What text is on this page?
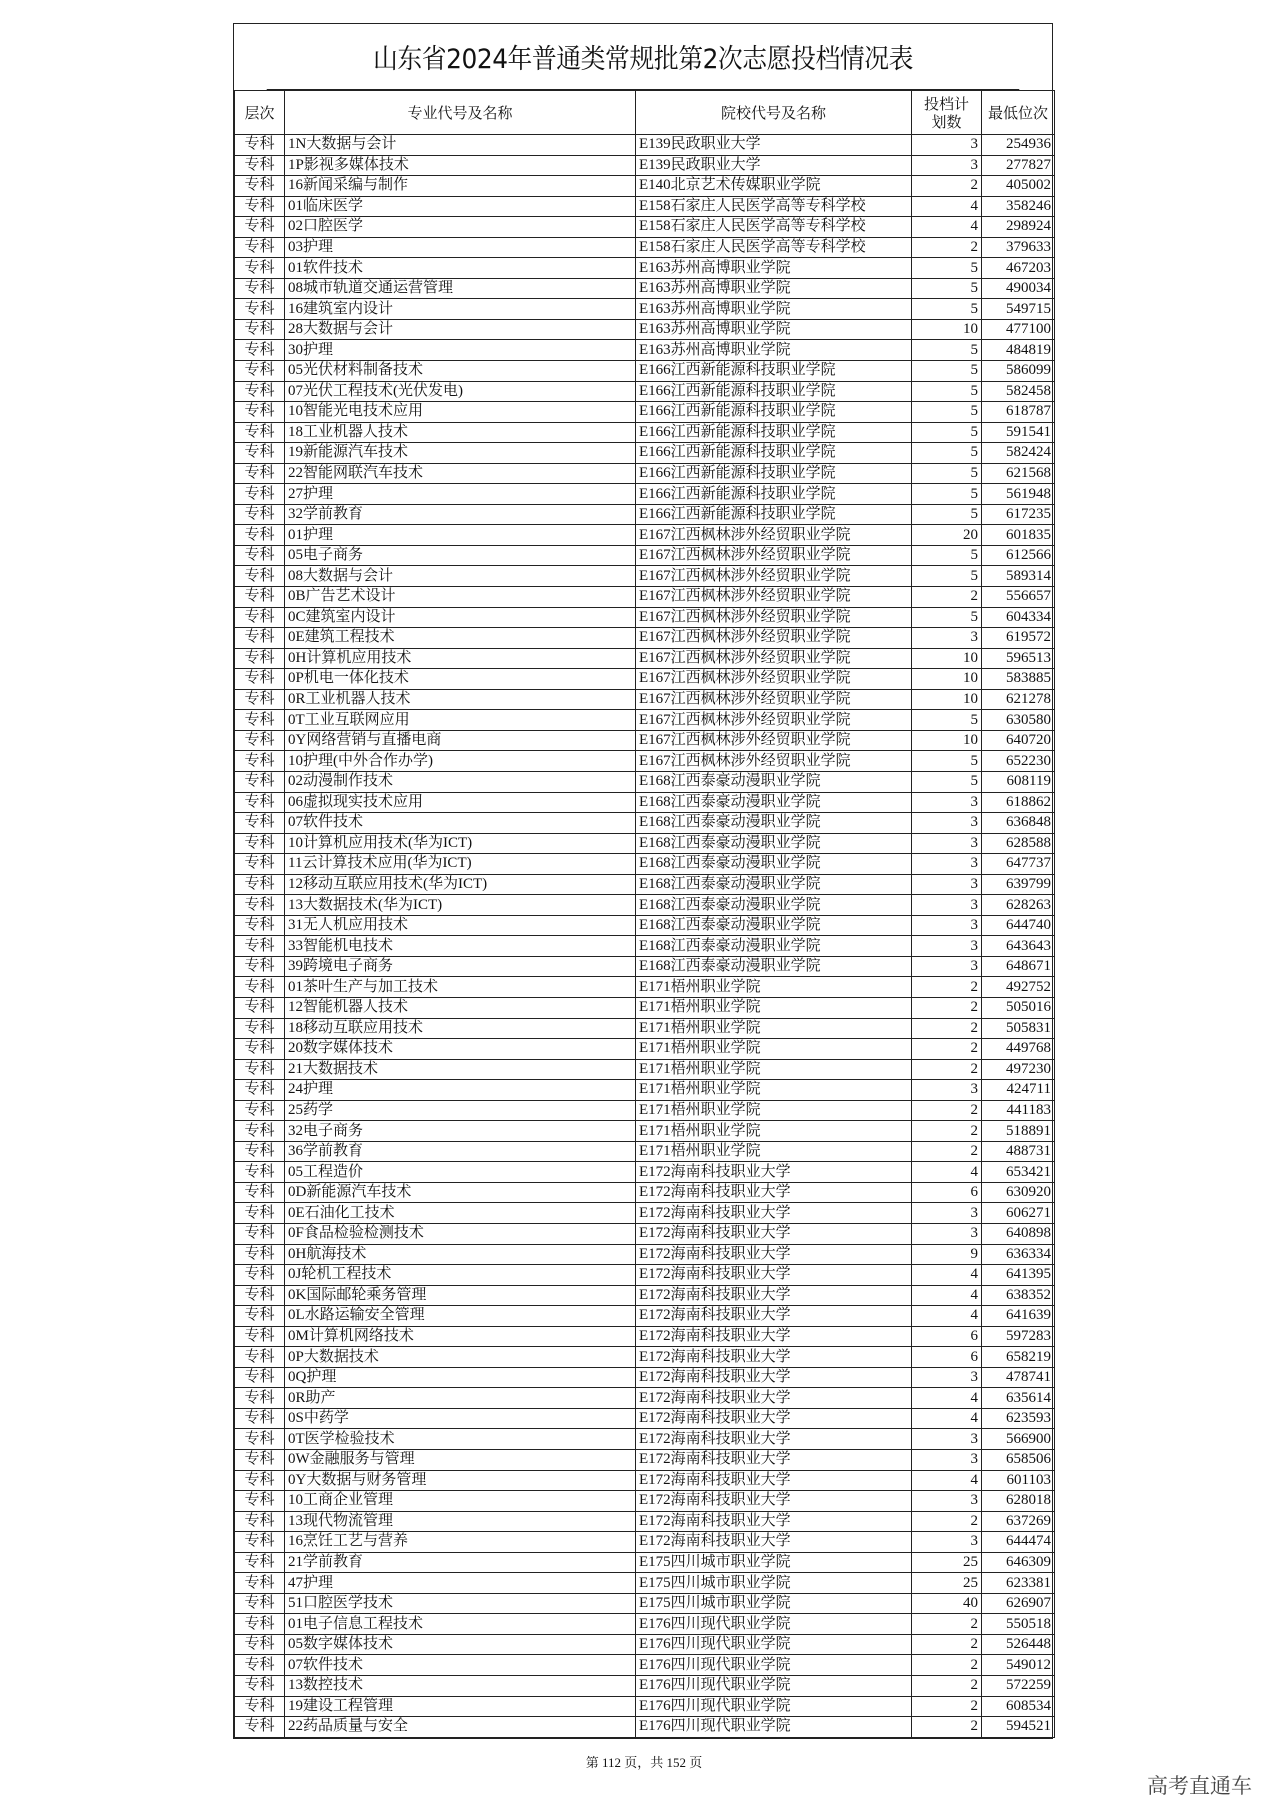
山东省2024年普通类常规批第2次志愿投档情况表
层次	专业代号及名称	院校代号及名称	投档计划数	最低位次
专科	1N大数据与会计	E139民政职业大学	3	254936
专科	1P影视多媒体技术	E139民政职业大学	3	277827
专科	16新闻采编与制作	E140北京艺术传媒职业学院	2	405002
专科	01临床医学	E158石家庄人民医学高等专科学校	4	358246
专科	02口腔医学	E158石家庄人民医学高等专科学校	4	298924
专科	03护理	E158石家庄人民医学高等专科学校	2	379633
专科	01软件技术	E163苏州高博职业学院	5	467203
专科	08城市轨道交通运营管理	E163苏州高博职业学院	5	490034
专科	16建筑室内设计	E163苏州高博职业学院	5	549715
专科	28大数据与会计	E163苏州高博职业学院	10	477100
专科	30护理	E163苏州高博职业学院	5	484819
专科	05光伏材料制备技术	E166江西新能源科技职业学院	5	586099
专科	07光伏工程技术(光伏发电)	E166江西新能源科技职业学院	5	582458
专科	10智能光电技术应用	E166江西新能源科技职业学院	5	618787
专科	18工业机器人技术	E166江西新能源科技职业学院	5	591541
专科	19新能源汽车技术	E166江西新能源科技职业学院	5	582424
专科	22智能网联汽车技术	E166江西新能源科技职业学院	5	621568
专科	27护理	E166江西新能源科技职业学院	5	561948
专科	32学前教育	E166江西新能源科技职业学院	5	617235
专科	01护理	E167江西枫林涉外经贸职业学院	20	601835
专科	05电子商务	E167江西枫林涉外经贸职业学院	5	612566
专科	08大数据与会计	E167江西枫林涉外经贸职业学院	5	589314
专科	0B广告艺术设计	E167江西枫林涉外经贸职业学院	2	556657
专科	0C建筑室内设计	E167江西枫林涉外经贸职业学院	5	604334
专科	0E建筑工程技术	E167江西枫林涉外经贸职业学院	3	619572
专科	0H计算机应用技术	E167江西枫林涉外经贸职业学院	10	596513
专科	0P机电一体化技术	E167江西枫林涉外经贸职业学院	10	583885
专科	0R工业机器人技术	E167江西枫林涉外经贸职业学院	10	621278
专科	0T工业互联网应用	E167江西枫林涉外经贸职业学院	5	630580
专科	0Y网络营销与直播电商	E167江西枫林涉外经贸职业学院	10	640720
专科	10护理(中外合作办学)	E167江西枫林涉外经贸职业学院	5	652230
专科	02动漫制作技术	E168江西泰豪动漫职业学院	5	608119
专科	06虚拟现实技术应用	E168江西泰豪动漫职业学院	3	618862
专科	07软件技术	E168江西泰豪动漫职业学院	3	636848
专科	10计算机应用技术(华为ICT)	E168江西泰豪动漫职业学院	3	628588
专科	11云计算技术应用(华为ICT)	E168江西泰豪动漫职业学院	3	647737
专科	12移动互联应用技术(华为ICT)	E168江西泰豪动漫职业学院	3	639799
专科	13大数据技术(华为ICT)	E168江西泰豪动漫职业学院	3	628263
专科	31无人机应用技术	E168江西泰豪动漫职业学院	3	644740
专科	33智能机电技术	E168江西泰豪动漫职业学院	3	643643
专科	39跨境电子商务	E168江西泰豪动漫职业学院	3	648671
专科	01茶叶生产与加工技术	E171梧州职业学院	2	492752
专科	12智能机器人技术	E171梧州职业学院	2	505016
专科	18移动互联应用技术	E171梧州职业学院	2	505831
专科	20数字媒体技术	E171梧州职业学院	2	449768
专科	21大数据技术	E171梧州职业学院	2	497230
专科	24护理	E171梧州职业学院	3	424711
专科	25药学	E171梧州职业学院	2	441183
专科	32电子商务	E171梧州职业学院	2	518891
专科	36学前教育	E171梧州职业学院	2	488731
专科	05工程造价	E172海南科技职业大学	4	653421
专科	0D新能源汽车技术	E172海南科技职业大学	6	630920
专科	0E石油化工技术	E172海南科技职业大学	3	606271
专科	0F食品检验检测技术	E172海南科技职业大学	3	640898
专科	0H航海技术	E172海南科技职业大学	9	636334
专科	0J轮机工程技术	E172海南科技职业大学	4	641395
专科	0K国际邮轮乘务管理	E172海南科技职业大学	4	638352
专科	0L水路运输安全管理	E172海南科技职业大学	4	641639
专科	0M计算机网络技术	E172海南科技职业大学	6	597283
专科	0P大数据技术	E172海南科技职业大学	6	658219
专科	0Q护理	E172海南科技职业大学	3	478741
专科	0R助产	E172海南科技职业大学	4	635614
专科	0S中药学	E172海南科技职业大学	4	623593
专科	0T医学检验技术	E172海南科技职业大学	3	566900
专科	0W金融服务与管理	E172海南科技职业大学	3	658506
专科	0Y大数据与财务管理	E172海南科技职业大学	4	601103
专科	10工商企业管理	E172海南科技职业大学	3	628018
专科	13现代物流管理	E172海南科技职业大学	2	637269
专科	16烹饪工艺与营养	E172海南科技职业大学	3	644474
专科	21学前教育	E175四川城市职业学院	25	646309
专科	47护理	E175四川城市职业学院	25	623381
专科	51口腔医学技术	E175四川城市职业学院	40	626907
专科	01电子信息工程技术	E176四川现代职业学院	2	550518
专科	05数字媒体技术	E176四川现代职业学院	2	526448
专科	07软件技术	E176四川现代职业学院	2	549012
专科	13数控技术	E176四川现代职业学院	2	572259
专科	19建设工程管理	E176四川现代职业学院	2	608534
专科	22药品质量与安全	E176四川现代职业学院	2	594521
第 112 页，共 152 页
高考直通车
